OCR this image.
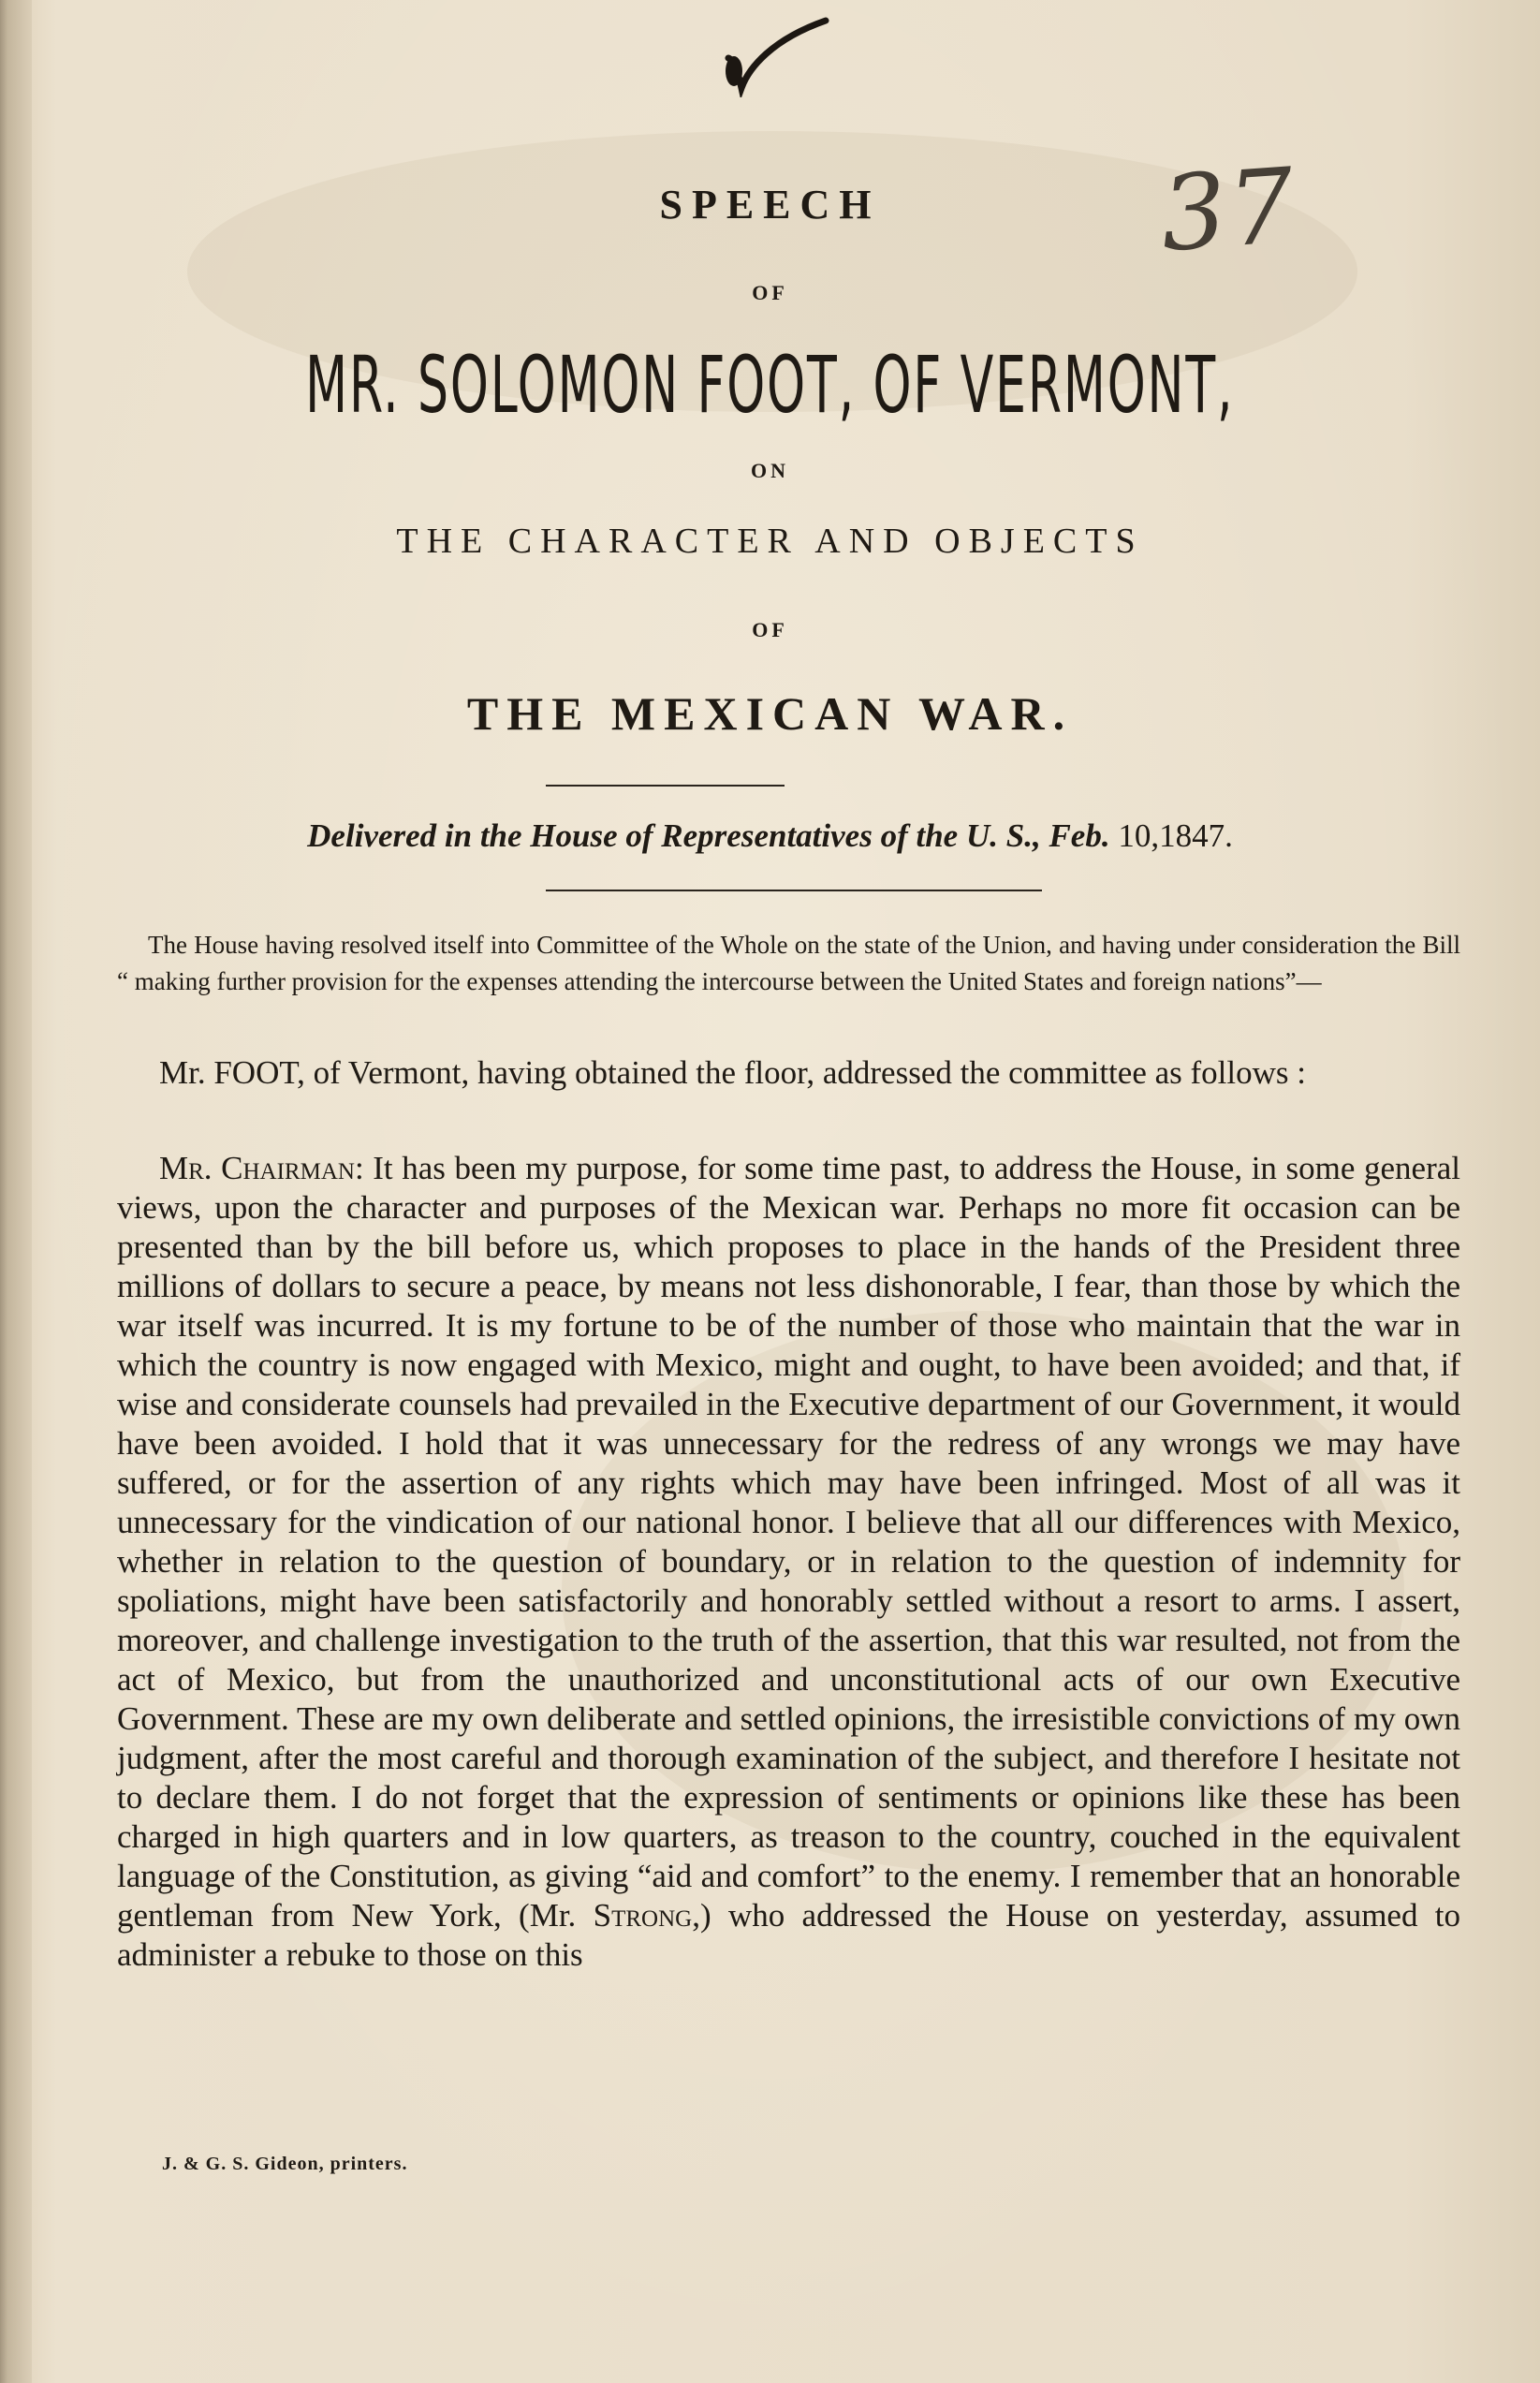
37
SPEECH
OF
MR. SOLOMON FOOT, OF VERMONT,
ON
THE CHARACTER AND OBJECTS
OF
THE MEXICAN WAR.
Delivered in the House of Representatives of the U. S., Feb. 10,1847.

The House having resolved itself into Committee of the Whole on the state of the Union, and having under consideration the Bill “ making further provision for the expenses attending the intercourse between the United States and foreign nations”—

Mr. FOOT, of Vermont, having obtained the floor, addressed the committee as follows :

Mr. Chairman: It has been my purpose, for some time past, to address the House, in some general views, upon the character and purposes of the Mexican war. Perhaps no more fit occasion can be presented than by the bill before us, which proposes to place in the hands of the President three millions of dollars to secure a peace, by means not less dishonorable, I fear, than those by which the war itself was incurred. It is my fortune to be of the number of those who maintain that the war in which the country is now engaged with Mexico, might and ought, to have been avoided; and that, if wise and considerate counsels had prevailed in the Executive department of our Government, it would have been avoided. I hold that it was unnecessary for the redress of any wrongs we may have suffered, or for the assertion of any rights which may have been infringed. Most of all was it unnecessary for the vindication of our national honor. I believe that all our differences with Mexico, whether in relation to the question of boundary, or in relation to the question of indemnity for spoliations, might have been satisfactorily and honorably settled without a resort to arms. I assert, moreover, and challenge investigation to the truth of the assertion, that this war resulted, not from the act of Mexico, but from the unauthorized and unconstitutional acts of our own Executive Government. These are my own deliberate and settled opinions, the irresistible convictions of my own judgment, after the most careful and thorough examination of the subject, and therefore I hesitate not to declare them. I do not forget that the expression of sentiments or opinions like these has been charged in high quarters and in low quarters, as treason to the country, couched in the equivalent language of the Constitution, as giving “aid and comfort” to the enemy. I remember that an honorable gentleman from New York, (Mr. Strong,) who addressed the House on yesterday, assumed to administer a rebuke to those on this

J. & G. S. Gideon, printers.
